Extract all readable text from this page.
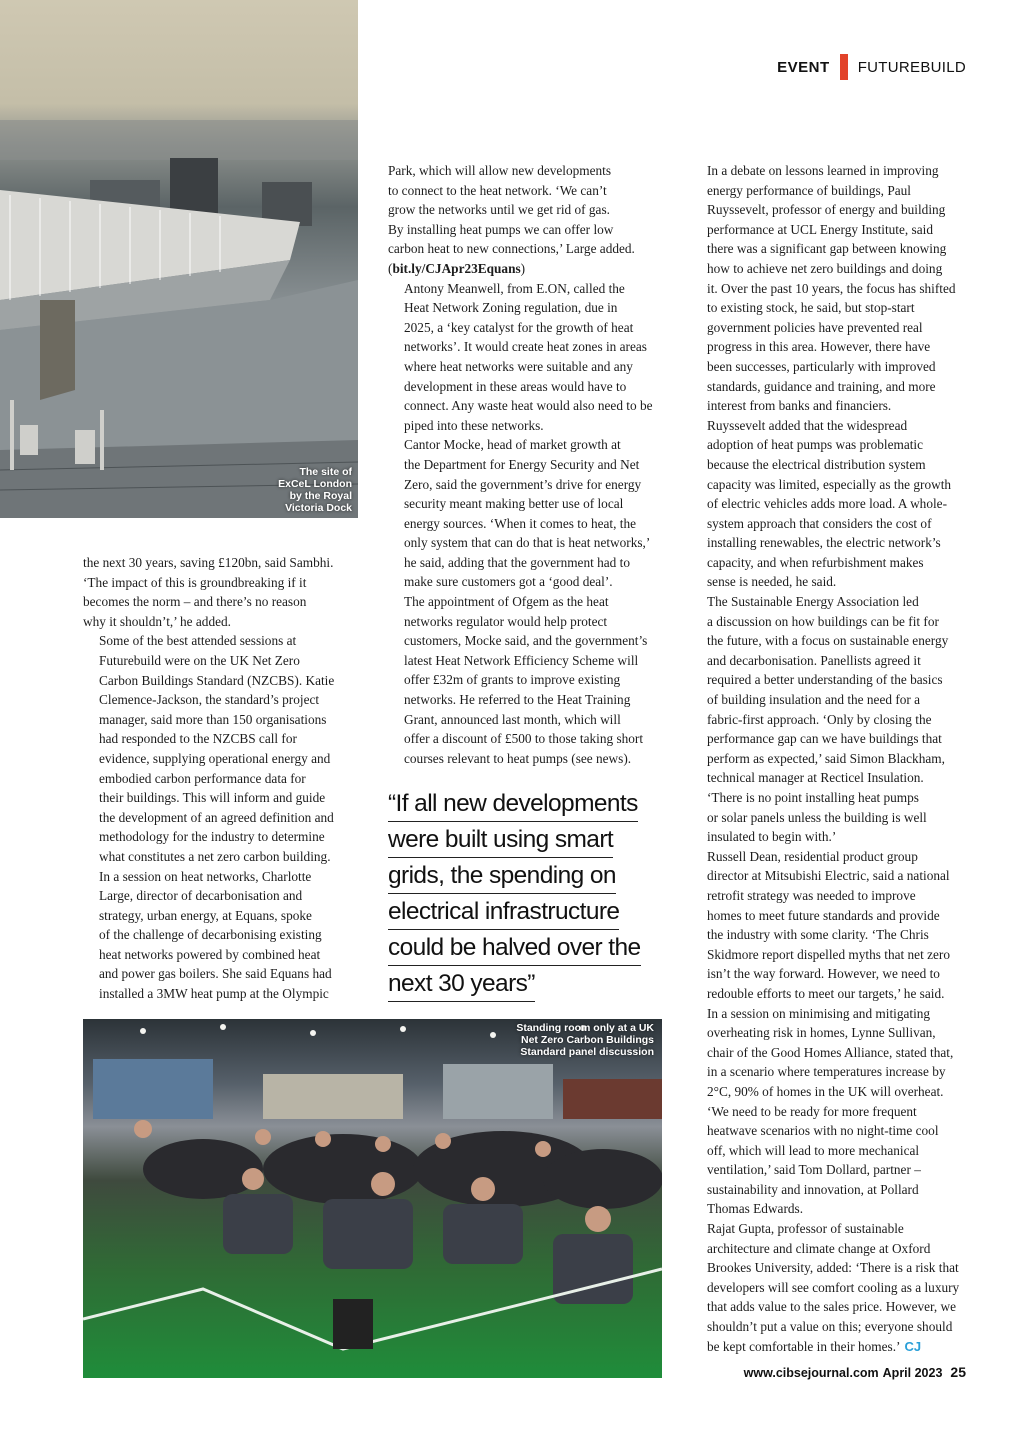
EVENT FUTUREBUILD
The site of
ExCeL London
by the Royal
Victoria Dock

the next 30 years, saving £120bn, said Sambhi.
‘The impact of this is groundbreaking if it
becomes the norm – and there’s no reason
why it shouldn’t,’ he added.

Some of the best attended sessions at
Futurebuild were on the UK Net Zero
Carbon Buildings Standard (NZCBS). Katie
Clemence-Jackson, the standard’s project
manager, said more than 150 organisations
had responded to the NZCBS call for
evidence, supplying operational energy and
embodied carbon performance data for
their buildings. This will inform and guide
the development of an agreed definition and
methodology for the industry to determine
what constitutes a net zero carbon building.

In a session on heat networks, Charlotte
Large, director of decarbonisation and
strategy, urban energy, at Equans, spoke
of the challenge of decarbonising existing
heat networks powered by combined heat
and power gas boilers. She said Equans had
installed a 3MW heat pump at the Olympic

Park, which will allow new developments
to connect to the heat network. ‘We can’t
grow the networks until we get rid of gas.
By installing heat pumps we can offer low
carbon heat to new connections,’ Large added.
(bit.ly/CJApr23Equans)

Antony Meanwell, from E.ON, called the
Heat Network Zoning regulation, due in
2025, a ‘key catalyst for the growth of heat
networks’. It would create heat zones in areas
where heat networks were suitable and any
development in these areas would have to
connect. Any waste heat would also need to be
piped into these networks.

Cantor Mocke, head of market growth at
the Department for Energy Security and Net
Zero, said the government’s drive for energy
security meant making better use of local
energy sources. ‘When it comes to heat, the
only system that can do that is heat networks,’
he said, adding that the government had to
make sure customers got a ‘good deal’.

The appointment of Ofgem as the heat
networks regulator would help protect
customers, Mocke said, and the government’s
latest Heat Network Efficiency Scheme will
offer £32m of grants to improve existing
networks. He referred to the Heat Training
Grant, announced last month, which will
offer a discount of £500 to those taking short
courses relevant to heat pumps (see news).

“If all new developments
were built using smart
grids, the spending on
electrical infrastructure
could be halved over the
next 30 years”
Standing room only at a UK
Net Zero Carbon Buildings
Standard panel discussion

In a debate on lessons learned in improving
energy performance of buildings, Paul
Ruyssevelt, professor of energy and building
performance at UCL Energy Institute, said
there was a significant gap between knowing
how to achieve net zero buildings and doing
it. Over the past 10 years, the focus has shifted
to existing stock, he said, but stop-start
government policies have prevented real
progress in this area. However, there have
been successes, particularly with improved
standards, guidance and training, and more
interest from banks and financiers.

Ruyssevelt added that the widespread
adoption of heat pumps was problematic
because the electrical distribution system
capacity was limited, especially as the growth
of electric vehicles adds more load. A whole-
system approach that considers the cost of
installing renewables, the electric network’s
capacity, and when refurbishment makes
sense is needed, he said.

The Sustainable Energy Association led
a discussion on how buildings can be fit for
the future, with a focus on sustainable energy
and decarbonisation. Panellists agreed it
required a better understanding of the basics
of building insulation and the need for a
fabric-first approach. ‘Only by closing the
performance gap can we have buildings that
perform as expected,’ said Simon Blackham,
technical manager at Recticel Insulation.
‘There is no point installing heat pumps
or solar panels unless the building is well
insulated to begin with.’

Russell Dean, residential product group
director at Mitsubishi Electric, said a national
retrofit strategy was needed to improve
homes to meet future standards and provide
the industry with some clarity. ‘The Chris
Skidmore report dispelled myths that net zero
isn’t the way forward. However, we need to
redouble efforts to meet our targets,’ he said.

In a session on minimising and mitigating
overheating risk in homes, Lynne Sullivan,
chair of the Good Homes Alliance, stated that,
in a scenario where temperatures increase by
2°C, 90% of homes in the UK will overheat.

‘We need to be ready for more frequent
heatwave scenarios with no night-time cool
off, which will lead to more mechanical
ventilation,’ said Tom Dollard, partner –
sustainability and innovation, at Pollard
Thomas Edwards.

Rajat Gupta, professor of sustainable
architecture and climate change at Oxford
Brookes University, added: ‘There is a risk that
developers will see comfort cooling as a luxury
that adds value to the sales price. However, we
shouldn’t put a value on this; everyone should
be kept comfortable in their homes.’ CJ

www.cibsejournal.com April 2023 25
